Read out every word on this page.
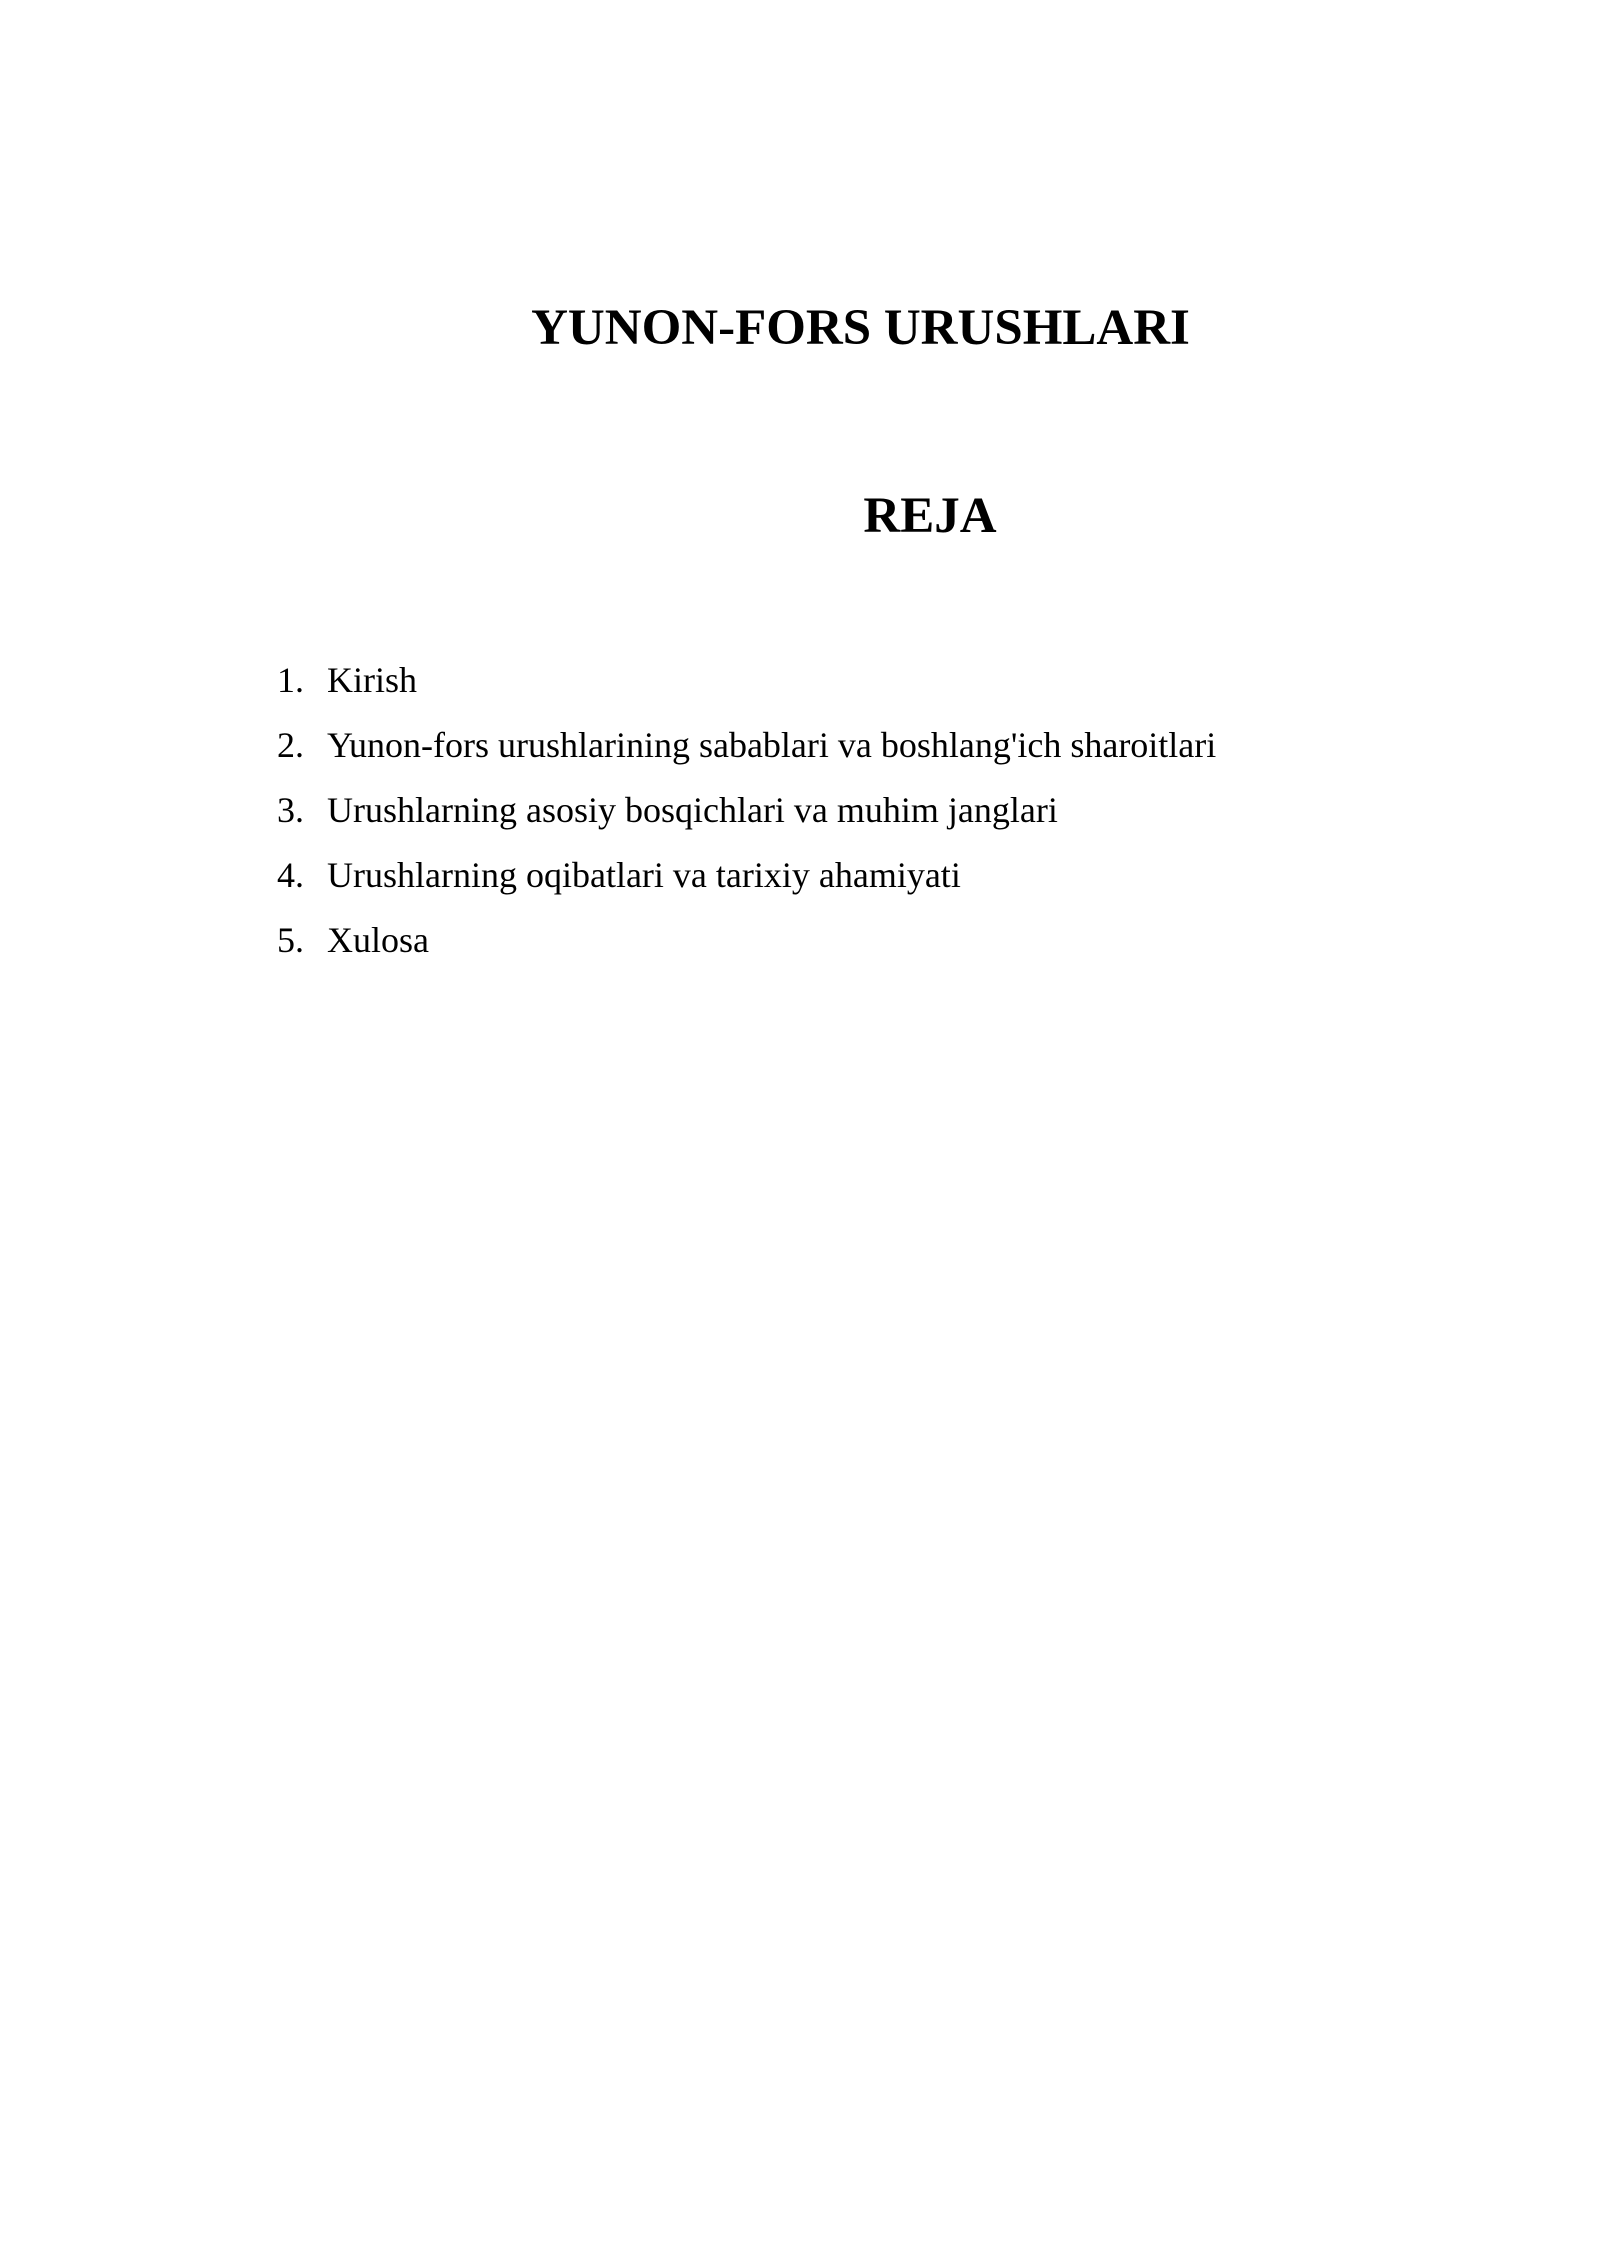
YUNON-FORS URUSHLARI
REJA
1. Kirish
2. Yunon-fors urushlarining sabablari va boshlang'ich sharoitlari
3. Urushlarning asosiy bosqichlari va muhim janglari
4. Urushlarning oqibatlari va tarixiy ahamiyati
5. Xulosa
